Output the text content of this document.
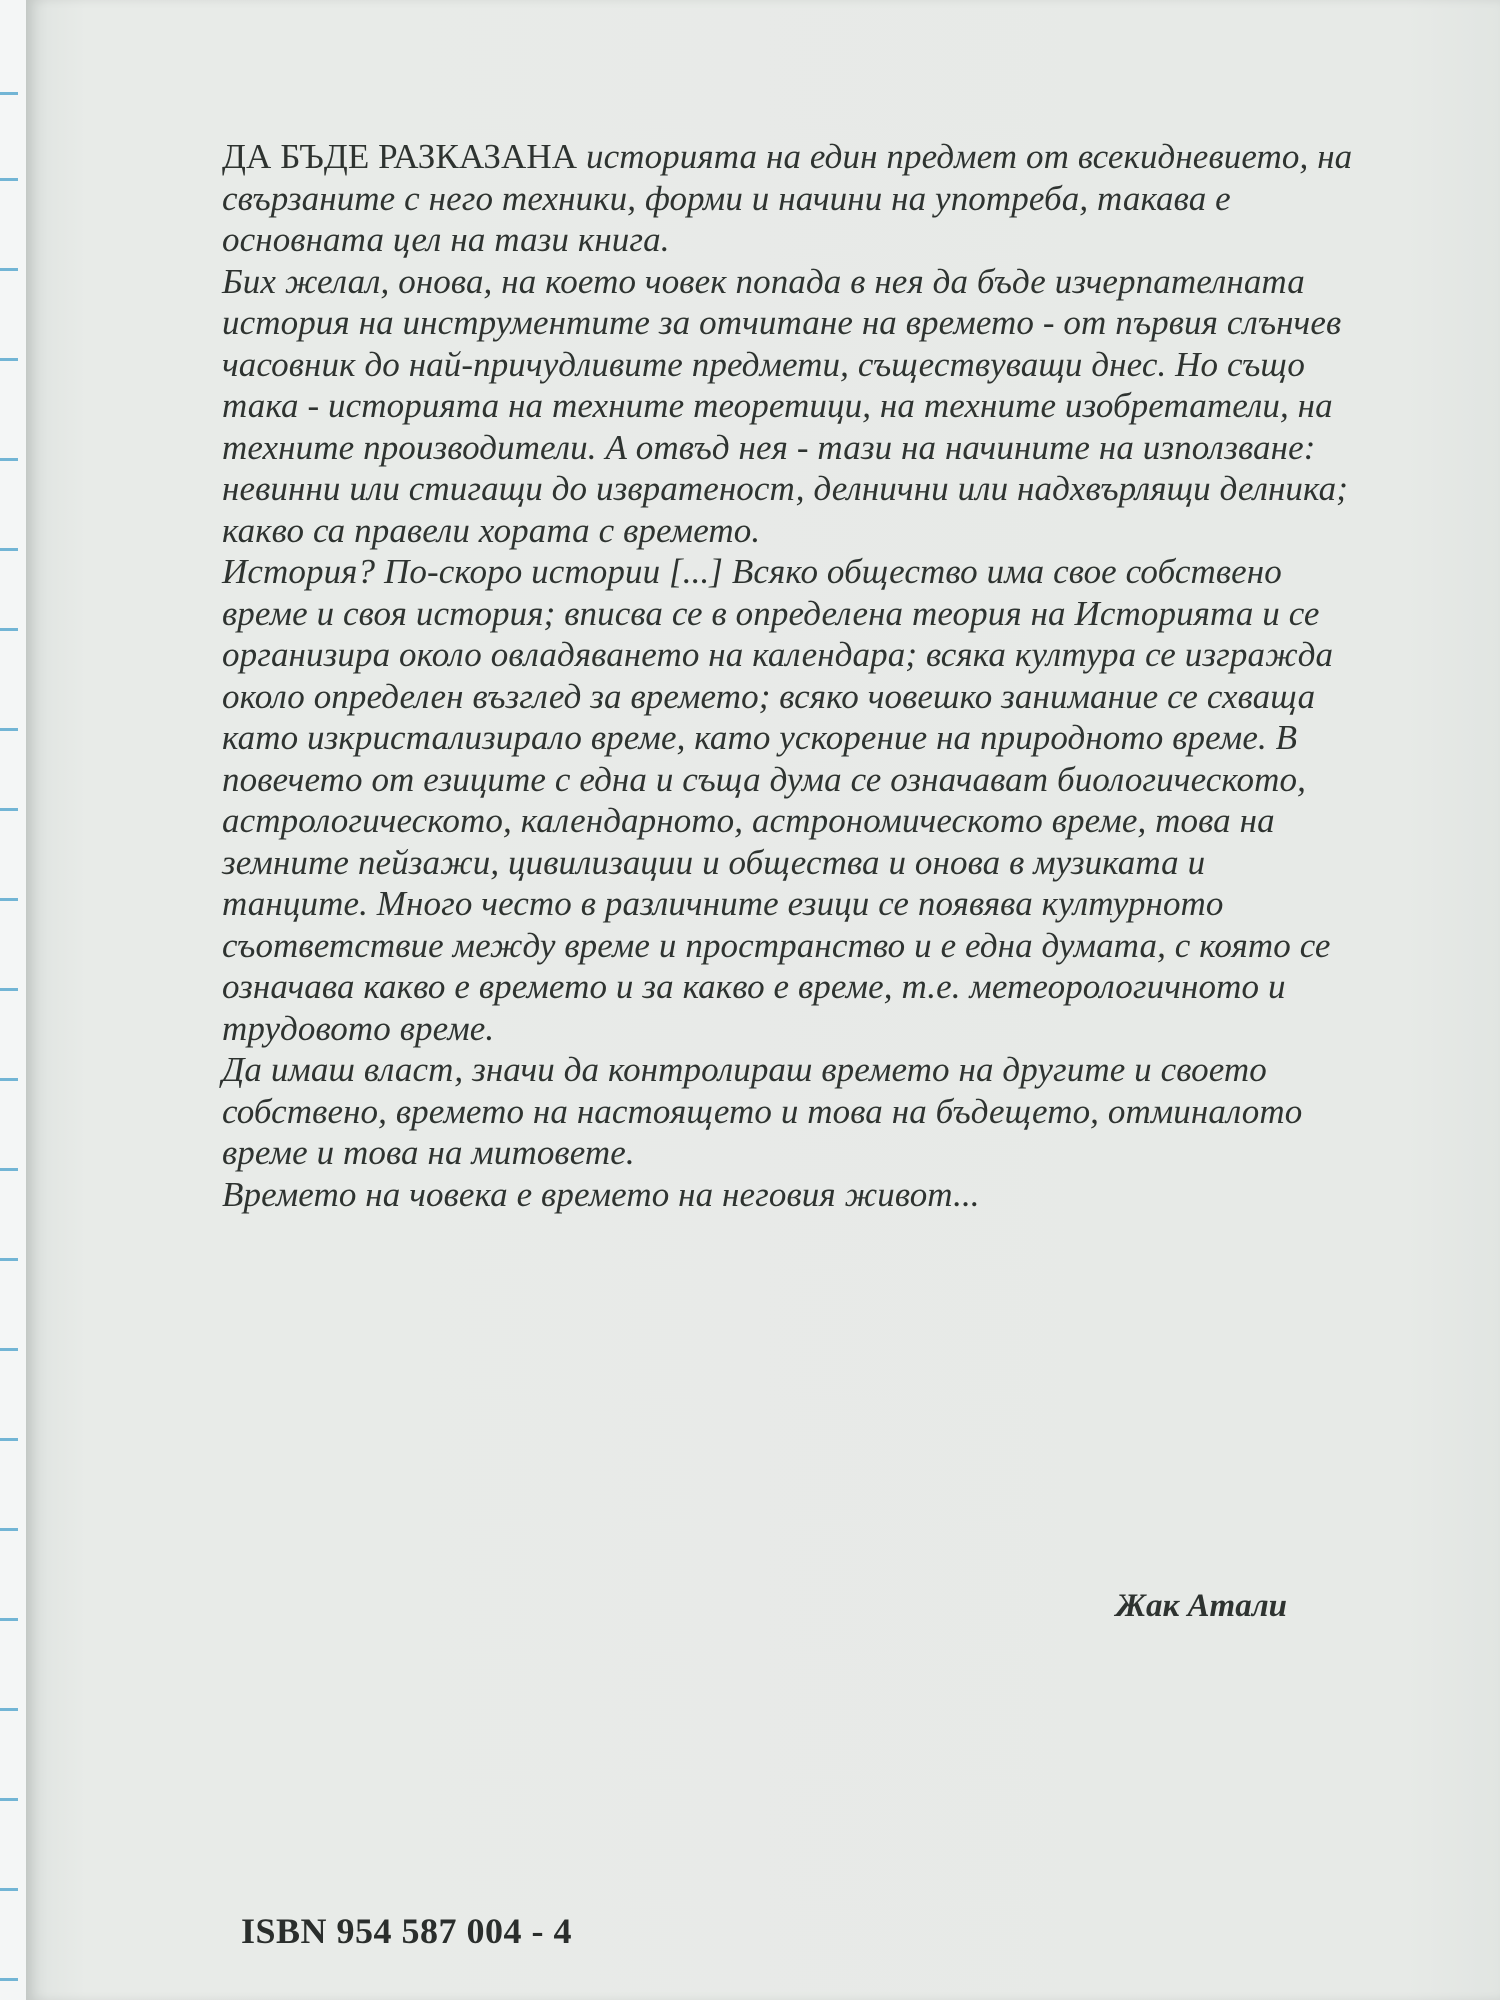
ДА БЪДЕ РАЗКАЗАНА историята на един предмет от всекидневието, на свързаните с него техники, форми и начини на употреба, такава е основната цел на тази книга.

Бих желал, онова, на което човек попада в нея да бъде изчерпателната история на инструментите за отчитане на времето - от първия слънчев часовник до най-причудливите предмети, съществуващи днес. Но също така - историята на техните теоретици, на техните изобретатели, на техните производители. А отвъд нея - тази на начините на използване: невинни или стигащи до извратеност, делнични или надхвърлящи делника; какво са правели хората с времето.

История? По-скоро истории [...] Всяко общество има свое собствено време и своя история; вписва се в определена теория на Историята и се организира около овладяването на календара; всяка култура се изгражда около определен възглед за времето; всяко човешко занимание се схваща като изкристализирало време, като ускорение на природното време. В повечето от езиците с една и съща дума се означават биологическото, астрологическото, календарното, астрономическото време, това на земните пейзажи, цивилизации и общества и онова в музиката и танците. Много често в различните езици се появява културното съответствие между време и пространство и е една думата, с която се означава какво е времето и за какво е време, т.е. метеорологичното и трудовото време.

Да имаш власт, значи да контролираш времето на другите и своето собствено, времето на настоящето и това на бъдещето, отминалото време и това на митовете.

Времето на човека е времето на неговия живот...

Жак Атали
ISBN 954 587 004 - 4
